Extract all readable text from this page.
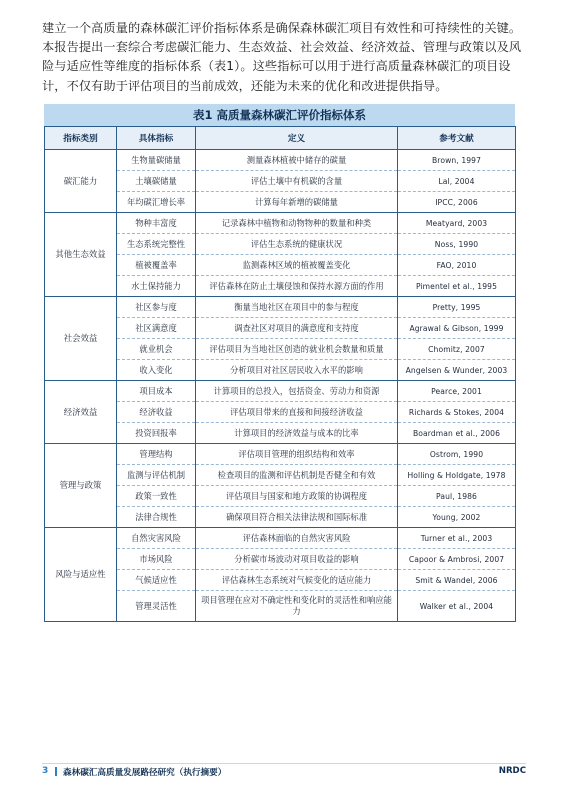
建立一个高质量的森林碳汇评价指标体系是确保森林碳汇项目有效性和可持续性的关键。本报告提出一套综合考虑碳汇能力、生态效益、社会效益、经济效益、管理与政策以及风险与适应性等维度的指标体系（表1）。这些指标可以用于进行高质量森林碳汇的项目设计，不仅有助于评估项目的当前成效，还能为未来的优化和改进提供指导。

表1 高质量森林碳汇评价指标体系
指标类别	具体指标	定义	参考文献
碳汇能力	生物量碳储量	测量森林植被中储存的碳量	Brown, 1997
	土壤碳储量	评估土壤中有机碳的含量	Lal, 2004
	年均碳汇增长率	计算每年新增的碳储量	IPCC, 2006
其他生态效益	物种丰富度	记录森林中植物和动物物种的数量和种类	Meatyard, 2003
	生态系统完整性	评估生态系统的健康状况	Noss, 1990
	植被覆盖率	监测森林区域的植被覆盖变化	FAO, 2010
	水土保持能力	评估森林在防止土壤侵蚀和保持水源方面的作用	Pimentel et al., 1995
社会效益	社区参与度	衡量当地社区在项目中的参与程度	Pretty, 1995
	社区满意度	调查社区对项目的满意度和支持度	Agrawal & Gibson, 1999
	就业机会	评估项目为当地社区创造的就业机会数量和质量	Chomitz, 2007
	收入变化	分析项目对社区居民收入水平的影响	Angelsen & Wunder, 2003
经济效益	项目成本	计算项目的总投入，包括资金、劳动力和资源	Pearce, 2001
	经济收益	评估项目带来的直接和间接经济收益	Richards & Stokes, 2004
	投资回报率	计算项目的经济效益与成本的比率	Boardman et al., 2006
管理与政策	管理结构	评估项目管理的组织结构和效率	Ostrom, 1990
	监测与评估机制	检查项目的监测和评估机制是否健全和有效	Holling & Holdgate, 1978
	政策一致性	评估项目与国家和地方政策的协调程度	Paul, 1986
	法律合规性	确保项目符合相关法律法规和国际标准	Young, 2002
风险与适应性	自然灾害风险	评估森林面临的自然灾害风险	Turner et al., 2003
	市场风险	分析碳市场波动对项目收益的影响	Capoor & Ambrosi, 2007
	气候适应性	评估森林生态系统对气候变化的适应能力	Smit & Wandel, 2006
	管理灵活性	项目管理在应对不确定性和变化时的灵活性和响应能力	Walker et al., 2004
3 森林碳汇高质量发展路径研究（执行摘要）	NRDC
